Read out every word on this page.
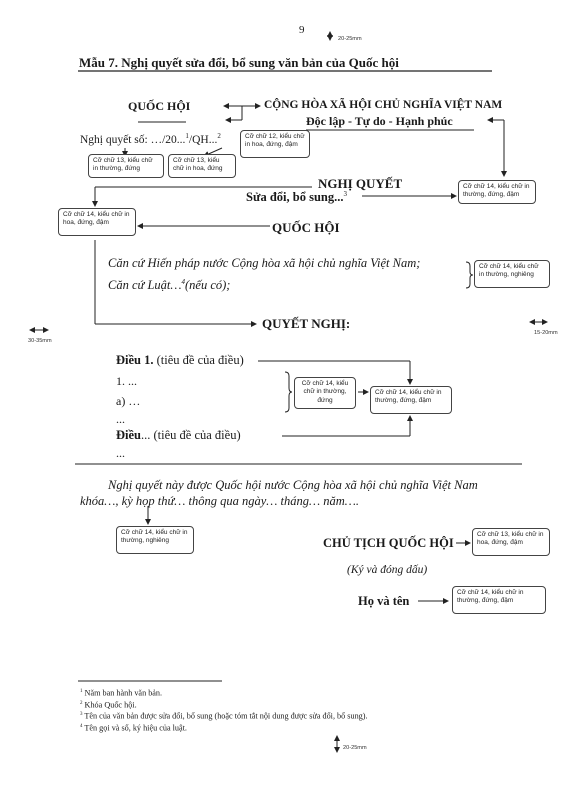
9
20-25mm
30-35mm
15-20mm
20-25mm
Mẫu 7. Nghị quyết sửa đổi, bổ sung văn bản của Quốc hội
QUỐC HỘI	CỘNG HÒA XÃ HỘI CHỦ NGHĨA VIỆT NAM
Độc lập - Tự do - Hạnh phúc
Nghị quyết số: …/20...$^1$/QH...$^2$
Cỡ chữ 13, kiểu chữ in thường, đứng
Cỡ chữ 13, kiểu chữ in hoa, đứng
Cỡ chữ 12, kiểu chữ in hoa, đứng, đậm
Cỡ chữ 14, kiểu chữ in thường, đứng, đậm
NGHỊ QUYẾT
Sửa đổi, bổ sung...$^3$
Cỡ chữ 14, kiểu chữ in hoa, đứng, đậm	QUỐC HỘI
Căn cứ Hiến pháp nước Cộng hòa xã hội chủ nghĩa Việt Nam;
Căn cứ Luật…$^4$(nếu có);
Cỡ chữ 14, kiểu chữ in thường, nghiêng
QUYẾT NGHỊ:
Điều 1. (tiêu đề của điều)
1. ...
a) …
...
Điều... (tiêu đề của điều)
...
Cỡ chữ 14, kiểu chữ in thường, đứng
Cỡ chữ 14, kiểu chữ in thường, đứng, đậm
Nghị quyết này được Quốc hội nước Cộng hòa xã hội chủ nghĩa Việt Nam
khóa…, kỳ họp thứ… thông qua ngày… tháng… năm….
Cỡ chữ 14, kiểu chữ in thường, nghiêng	CHỦ TỊCH QUỐC HỘI
(Ký và đóng dấu)
Họ và tên
Cỡ chữ 13, kiểu chữ in hoa, đứng, đậm
Cỡ chữ 14, kiểu chữ in thường, đứng, đậm
$^1$ Năm ban hành văn bản.
$^2$ Khóa Quốc hội.
$^3$ Tên của văn bản được sửa đổi, bổ sung (hoặc tóm tắt nội dung được sửa đổi, bổ sung).
$^4$ Tên gọi và số, ký hiệu của luật.
